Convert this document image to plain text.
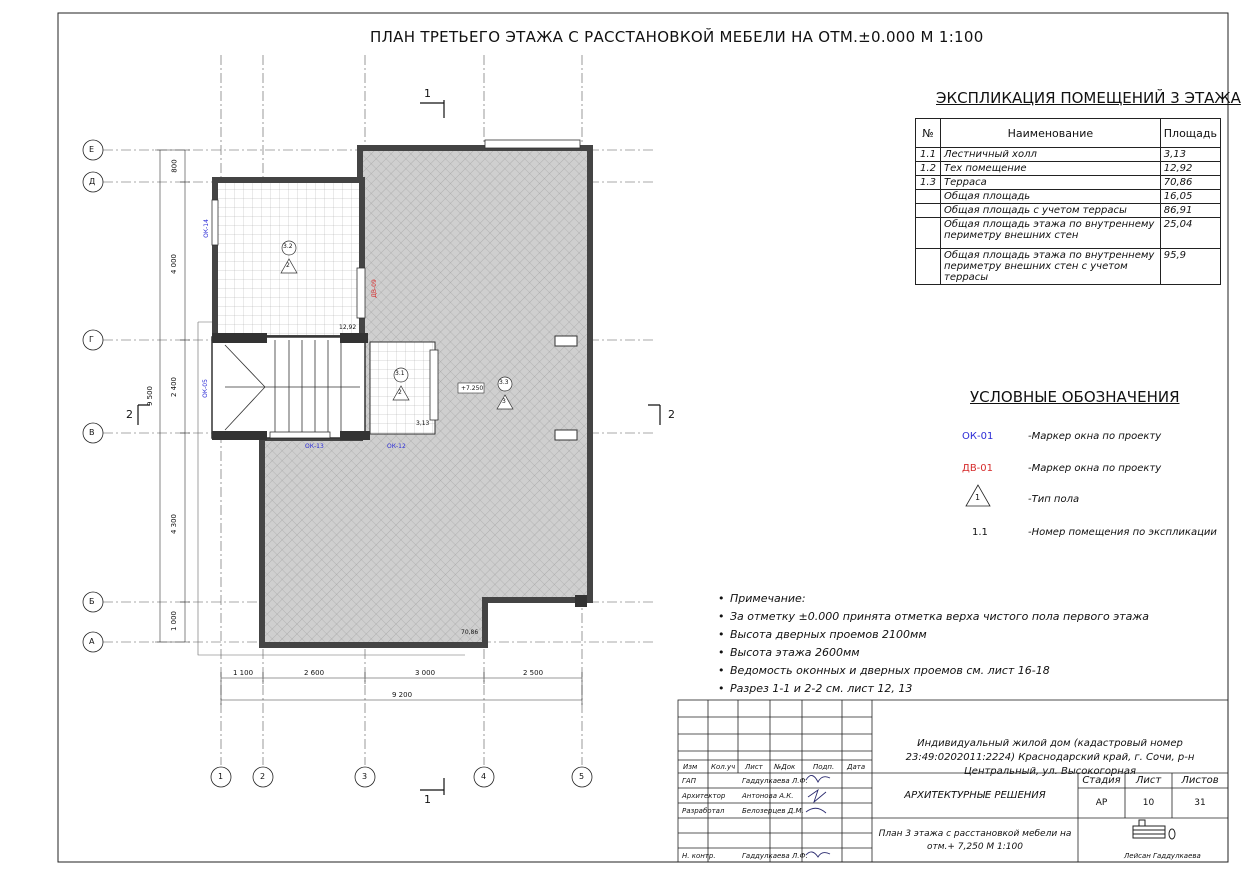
ПЛАН ТРЕТЬЕГО ЭТАЖА С РАССТАНОВКОЙ МЕБЕЛИ НА ОТМ.±0.000 М 1:100
1	2	3	4	5
Е
Д
Г
В
Б
А
1 100	2 600	3 000	2 500
9 200
800
4 000
2 400
4 300
1 000
9 500
1
1
2	2
3.2
2
12,92
3.1
2
3,13
3.3
3
70,86
+7.250
ОК-14
ОК-05
ОК-13	ОК-12
ДВ-09
ЭКСПЛИКАЦИЯ ПОМЕЩЕНИЙ 3 ЭТАЖА
№	Наименование	Площадь
1.1	Лестничный холл	3,13
1.2	Тех помещение	12,92
1.3	Терраса	70,86
	Общая площадь	16,05
	Общая площадь с учетом террасы	86,91
	Общая площадь этажа по внутреннему периметру внешних стен	25,04
	Общая площадь этажа по внутреннему периметру внешних стен с учетом террасы	95,9
УСЛОВНЫЕ ОБОЗНАЧЕНИЯ
ОК-01	-Маркер окна по проекту
ДВ-01	-Маркер окна по проекту
1	-Тип пола
1.1	-Номер помещения по экспликации
• Примечание:
• За отметку ±0.000 принята отметка верха чистого пола первого этажа
• Высота дверных проемов 2100мм
• Высота этажа 2600мм
• Ведомость оконных и дверных проемов см. лист 16-18
• Разрез 1-1 и 2-2 см. лист 12, 13
Изм Кол.уч Лист №Док	Подп. Дата
ГАП	Гаддулкаева Л.Ф.
Архитектор Антонова А.К.
Разработал	Белозерцев Д.М.
Н. контр.	Гаддулкаева Л.Ф.
Индивидуальный жилой дом (кадастровый номер 23:49:0202011:2224) Краснодарский край, г. Сочи, р-н Центральный, ул. Высокогорная
АРХИТЕКТУРНЫЕ РЕШЕНИЯ
План 3 этажа с расстановкой мебели на отм.+ 7,250 М 1:100
Стадия	Лист	Листов
АР	10	31
Лейсан Гаддулкаева
